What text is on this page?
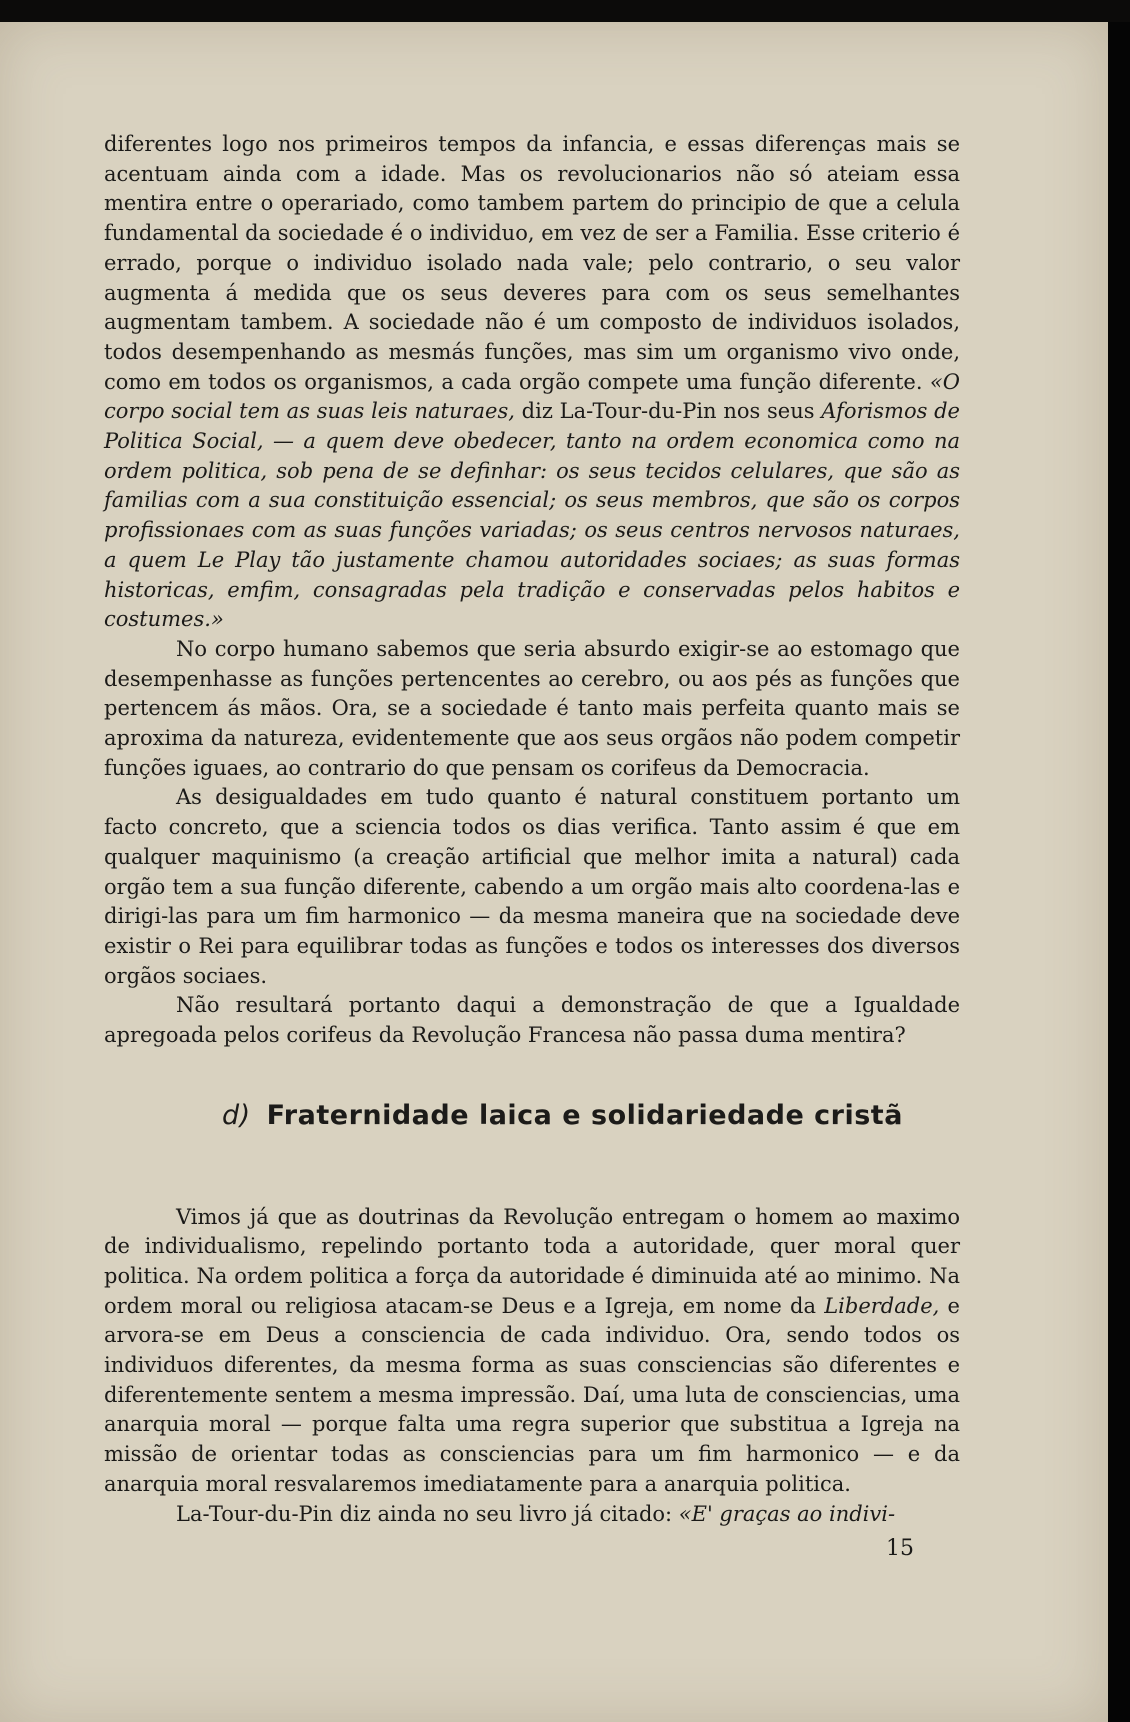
diferentes logo nos primeiros tempos da infancia, e essas diferenças mais se acentuam ainda com a idade. Mas os revolucionarios não só ateiam essa mentira entre o operariado, como tambem partem do principio de que a celula fundamental da sociedade é o individuo, em vez de ser a Familia. Esse criterio é errado, porque o individuo isolado nada vale; pelo contrario, o seu valor augmenta á medida que os seus deveres para com os seus semelhantes augmentam tambem. A sociedade não é um composto de individuos isolados, todos desempenhando as mesmás funções, mas sim um organismo vivo onde, como em todos os organismos, a cada orgão compete uma função diferente. «O corpo social tem as suas leis naturaes, diz La-Tour-du-Pin nos seus Aforismos de Politica Social, — a quem deve obedecer, tanto na ordem economica como na ordem politica, sob pena de se definhar: os seus tecidos celulares, que são as familias com a sua constituição essencial; os seus membros, que são os corpos profissionaes com as suas funções variadas; os seus centros nervosos naturaes, a quem Le Play tão justamente chamou autoridades sociaes; as suas formas historicas, emfim, consagradas pela tradição e conservadas pelos habitos e costumes.»

No corpo humano sabemos que seria absurdo exigir-se ao estomago que desempenhasse as funções pertencentes ao cerebro, ou aos pés as funções que pertencem ás mãos. Ora, se a sociedade é tanto mais perfeita quanto mais se aproxima da natureza, evidentemente que aos seus orgãos não podem competir funções iguaes, ao contrario do que pensam os corifeus da Democracia.

As desigualdades em tudo quanto é natural constituem portanto um facto concreto, que a sciencia todos os dias verifica. Tanto assim é que em qualquer maquinismo (a creação artificial que melhor imita a natural) cada orgão tem a sua função diferente, cabendo a um orgão mais alto coordena-las e dirigi-las para um fim harmonico — da mesma maneira que na sociedade deve existir o Rei para equilibrar todas as funções e todos os interesses dos diversos orgãos sociaes.

Não resultará portanto daqui a demonstração de que a Igualdade apregoada pelos corifeus da Revolução Francesa não passa duma mentira?

d) Fraternidade laica e solidariedade cristã

Vimos já que as doutrinas da Revolução entregam o homem ao maximo de individualismo, repelindo portanto toda a autoridade, quer moral quer politica. Na ordem politica a força da autoridade é diminuida até ao minimo. Na ordem moral ou religiosa atacam-se Deus e a Igreja, em nome da Liberdade, e arvora-se em Deus a consciencia de cada individuo. Ora, sendo todos os individuos diferentes, da mesma forma as suas consciencias são diferentes e diferentemente sentem a mesma impressão. Daí, uma luta de consciencias, uma anarquia moral — porque falta uma regra superior que substitua a Igreja na missão de orientar todas as consciencias para um fim harmonico — e da anarquia moral resvalaremos imediatamente para a anarquia politica.

La-Tour-du-Pin diz ainda no seu livro já citado: «E' graças ao indivi-

15
